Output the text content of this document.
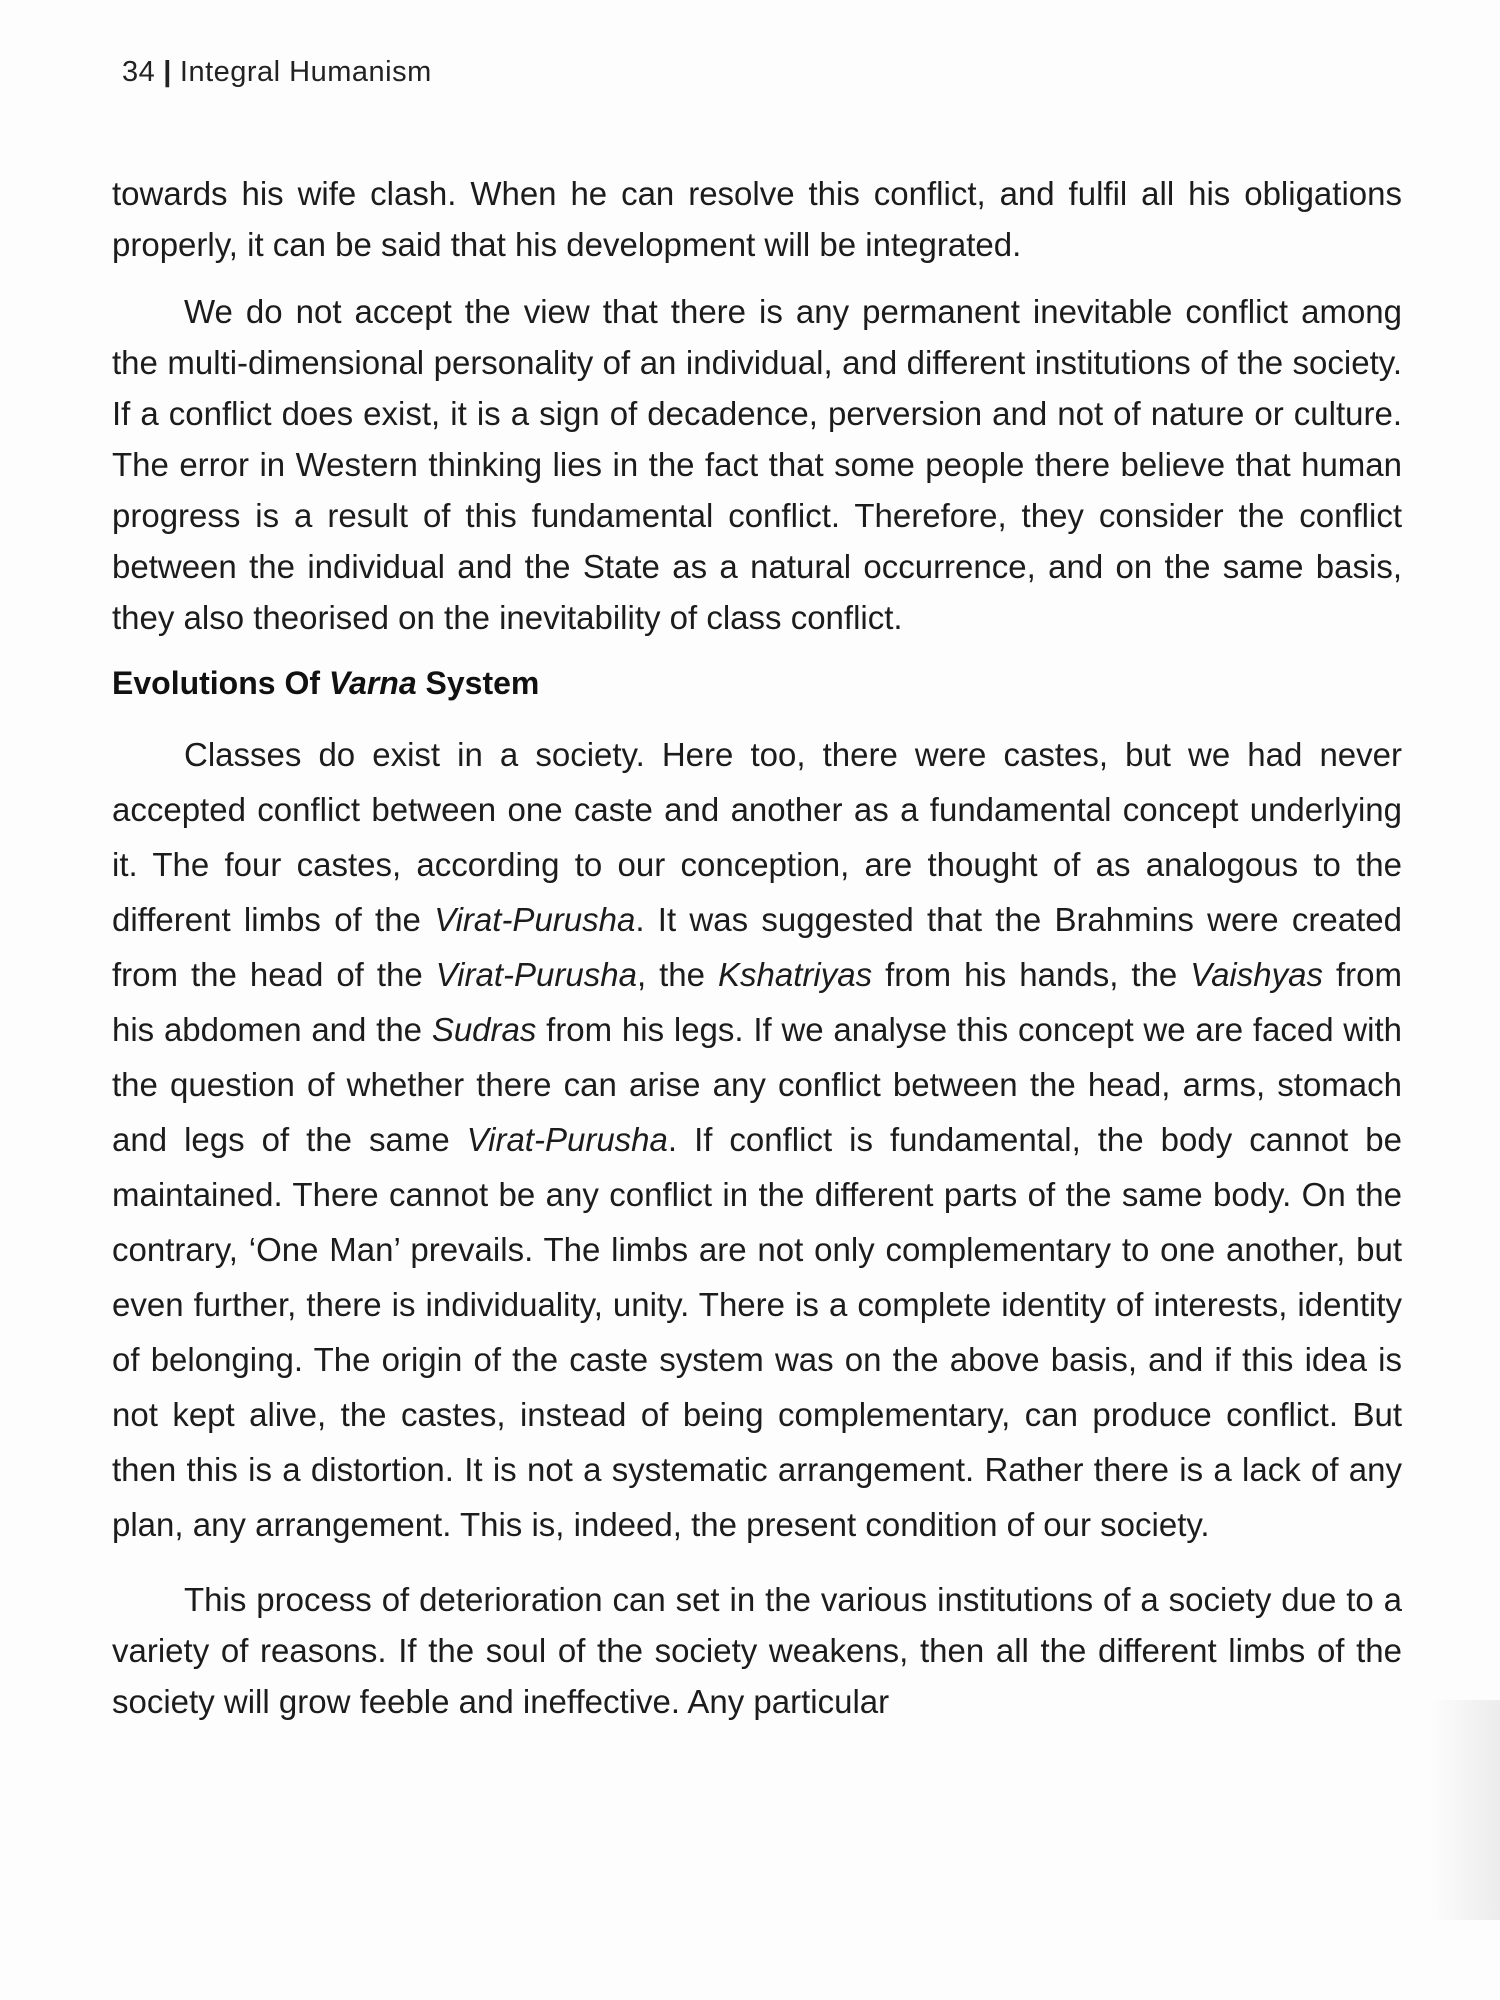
34 | Integral Humanism

towards his wife clash. When he can resolve this conflict, and fulfil all his obligations properly, it can be said that his development will be integrated.

We do not accept the view that there is any permanent inevitable conflict among the multi-dimensional personality of an individual, and different institutions of the society. If a conflict does exist, it is a sign of decadence, perversion and not of nature or culture. The error in Western thinking lies in the fact that some people there believe that human progress is a result of this fundamental conflict. Therefore, they consider the conflict between the individual and the State as a natural occurrence, and on the same basis, they also theorised on the inevitability of class conflict.

Evolutions Of Varna System

Classes do exist in a society. Here too, there were castes, but we had never accepted conflict between one caste and another as a fundamental concept underlying it. The four castes, according to our conception, are thought of as analogous to the different limbs of the Virat-Purusha. It was suggested that the Brahmins were created from the head of the Virat-Purusha, the Kshatriyas from his hands, the Vaishyas from his abdomen and the Sudras from his legs. If we analyse this concept we are faced with the question of whether there can arise any conflict between the head, arms, stomach and legs of the same Virat-Purusha. If conflict is fundamental, the body cannot be maintained. There cannot be any conflict in the different parts of the same body. On the contrary, ‘One Man’ prevails. The limbs are not only complementary to one another, but even further, there is individuality, unity. There is a complete identity of interests, identity of belonging. The origin of the caste system was on the above basis, and if this idea is not kept alive, the castes, instead of being complementary, can produce conflict. But then this is a distortion. It is not a systematic arrangement. Rather there is a lack of any plan, any arrangement. This is, indeed, the present condition of our society.

This process of deterioration can set in the various institutions of a society due to a variety of reasons. If the soul of the society weakens, then all the different limbs of the society will grow feeble and ineffective. Any particular
